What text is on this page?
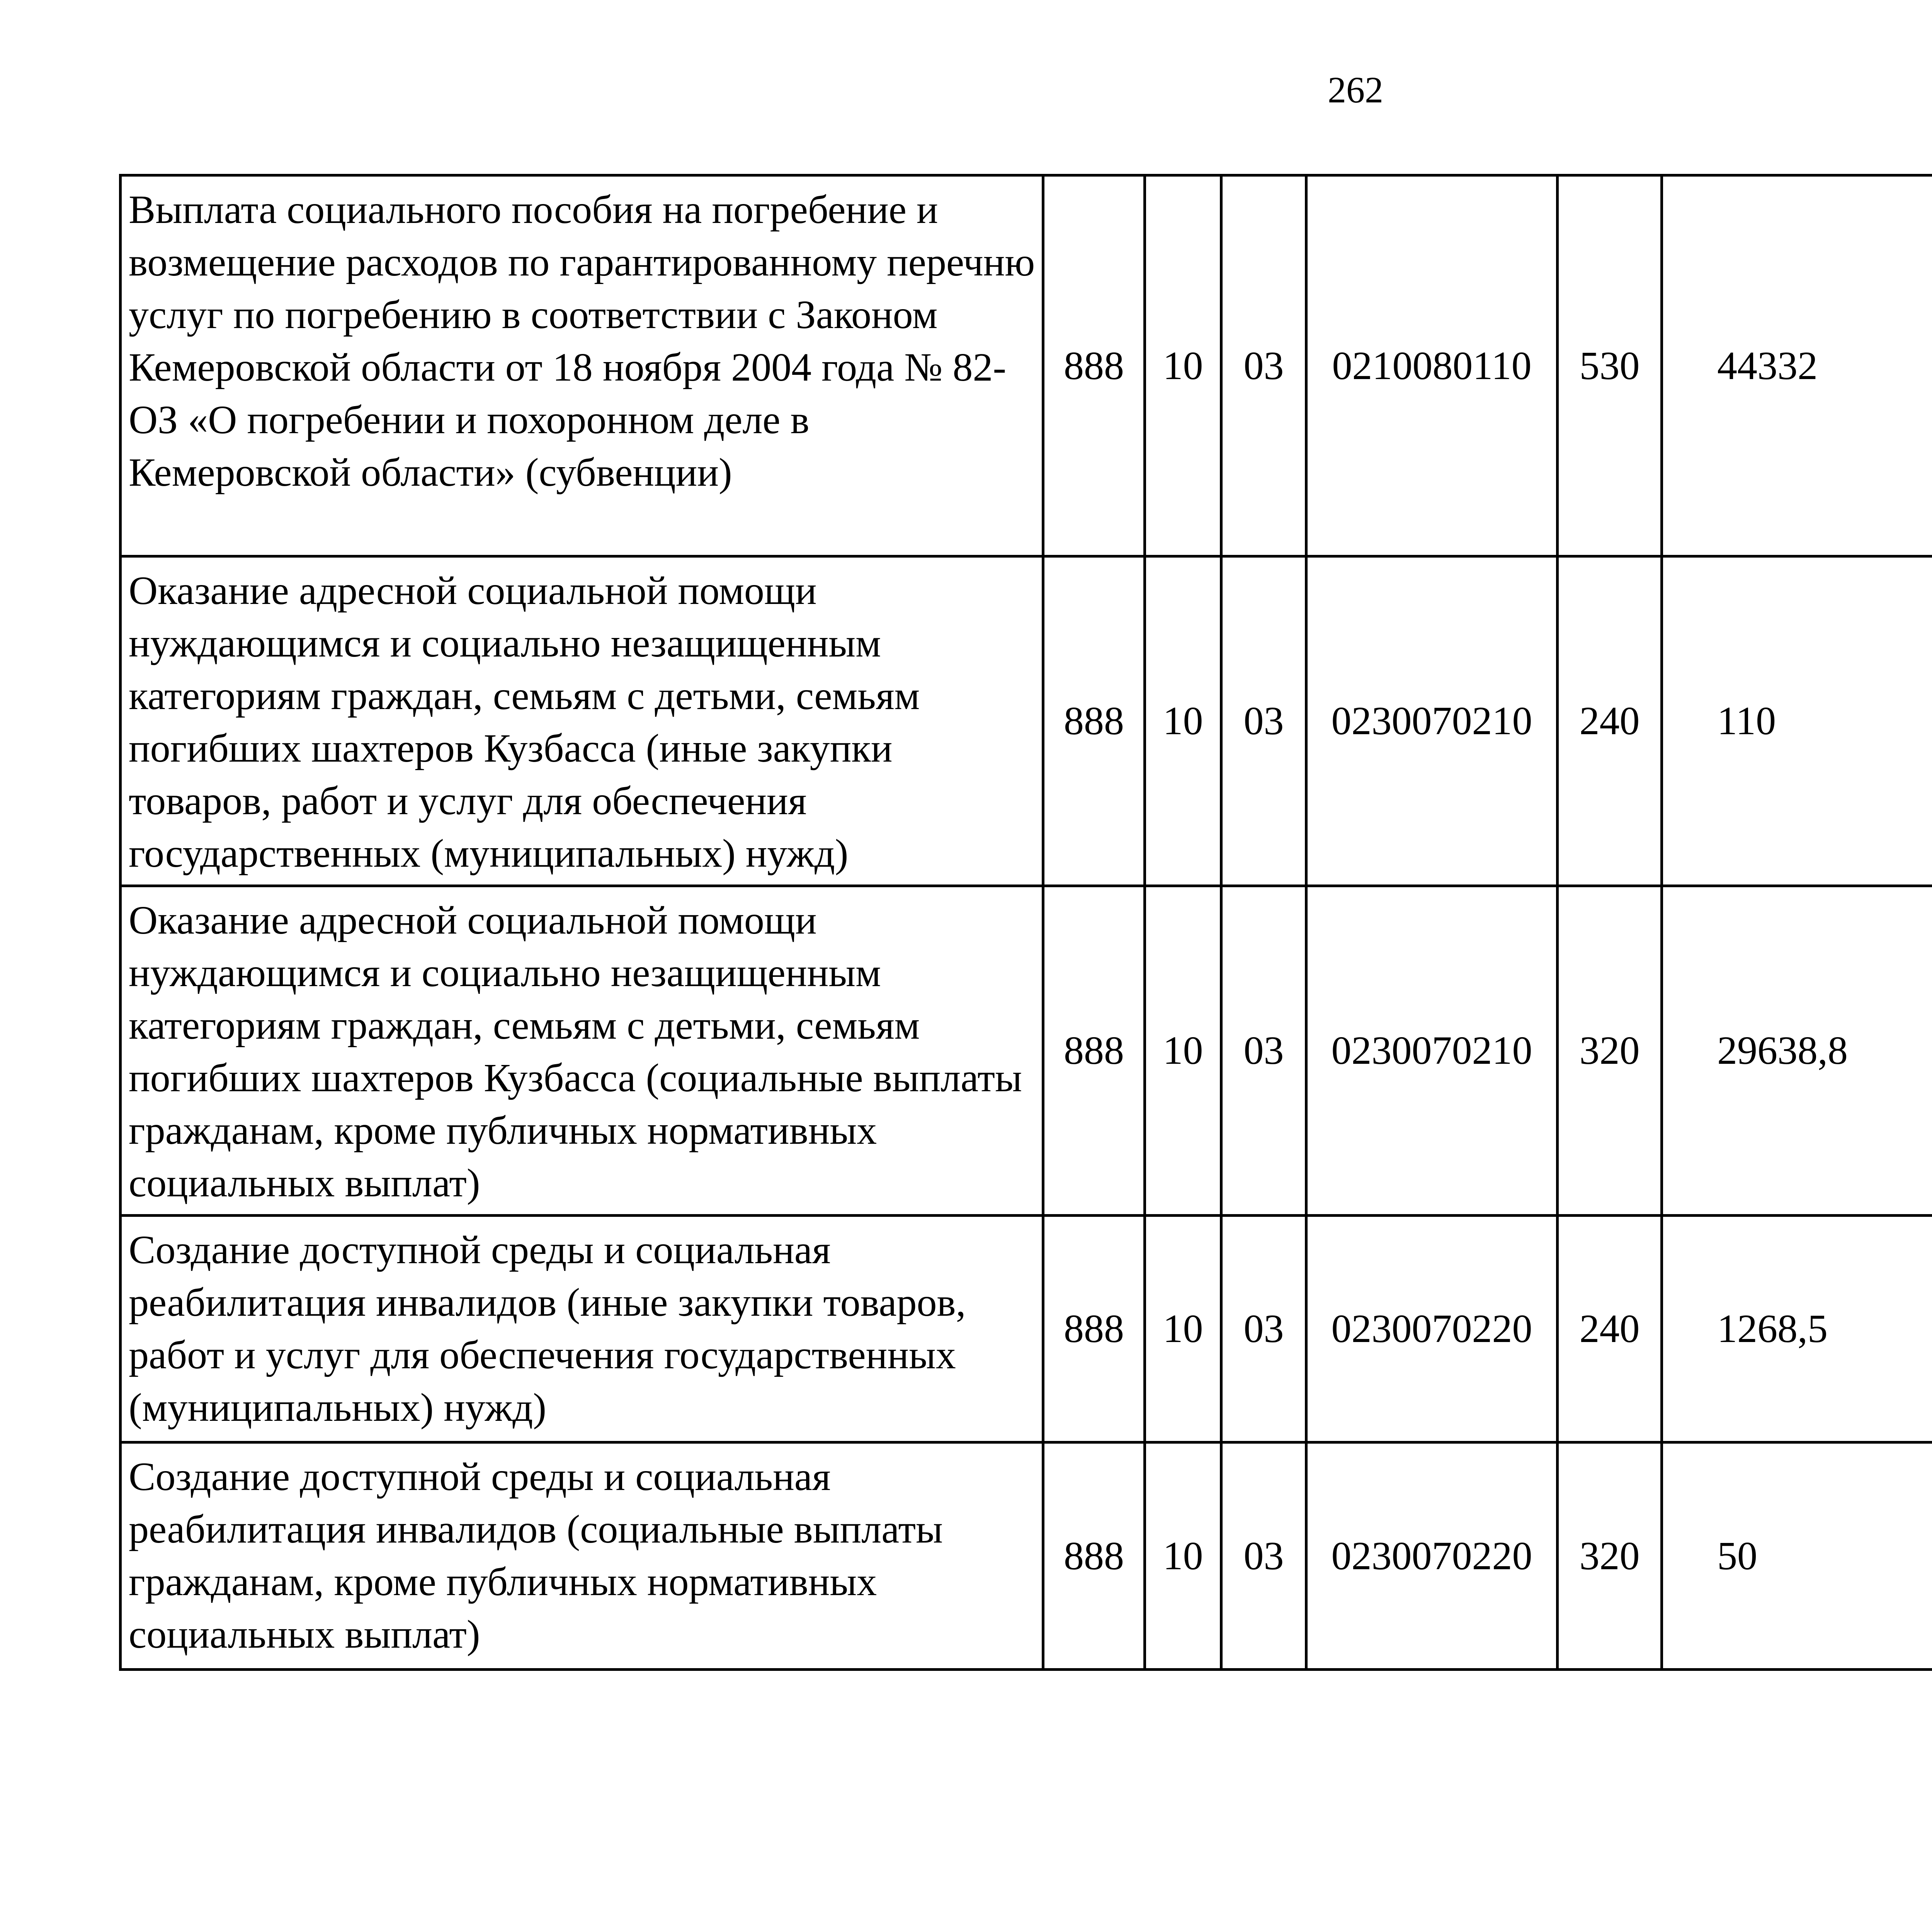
262
Выплата социального пособия на погребение и возмещение расходов по гарантированному перечню услуг по погребению в соответствии с Законом Кемеровской области от 18 ноября 2004 года № 82-ОЗ «О погребении и похоронном деле в Кемеровской области» (субвенции)	888	10	03	0210080110	530	44332		
Оказание адресной социальной помощи нуждающимся и социально незащищенным категориям граждан, семьям с детьми, семьям погибших шахтеров Кузбасса (иные закупки товаров, работ и услуг для обеспечения государственных (муниципальных) нужд)	888	10	03	0230070210	240	110		
Оказание адресной социальной помощи нуждающимся и социально незащищенным категориям граждан, семьям с детьми, семьям погибших шахтеров Кузбасса (социальные выплаты гражданам, кроме публичных нормативных социальных выплат)	888	10	03	0230070210	320	29638,8		
Создание доступной среды и социальная реабилитация инвалидов (иные закупки товаров, работ и услуг для обеспечения государственных (муниципальных) нужд)	888	10	03	0230070220	240	1268,5		
Создание доступной среды и социальная реабилитация инвалидов (социальные выплаты гражданам, кроме публичных нормативных социальных выплат)	888	10	03	0230070220	320	50		
